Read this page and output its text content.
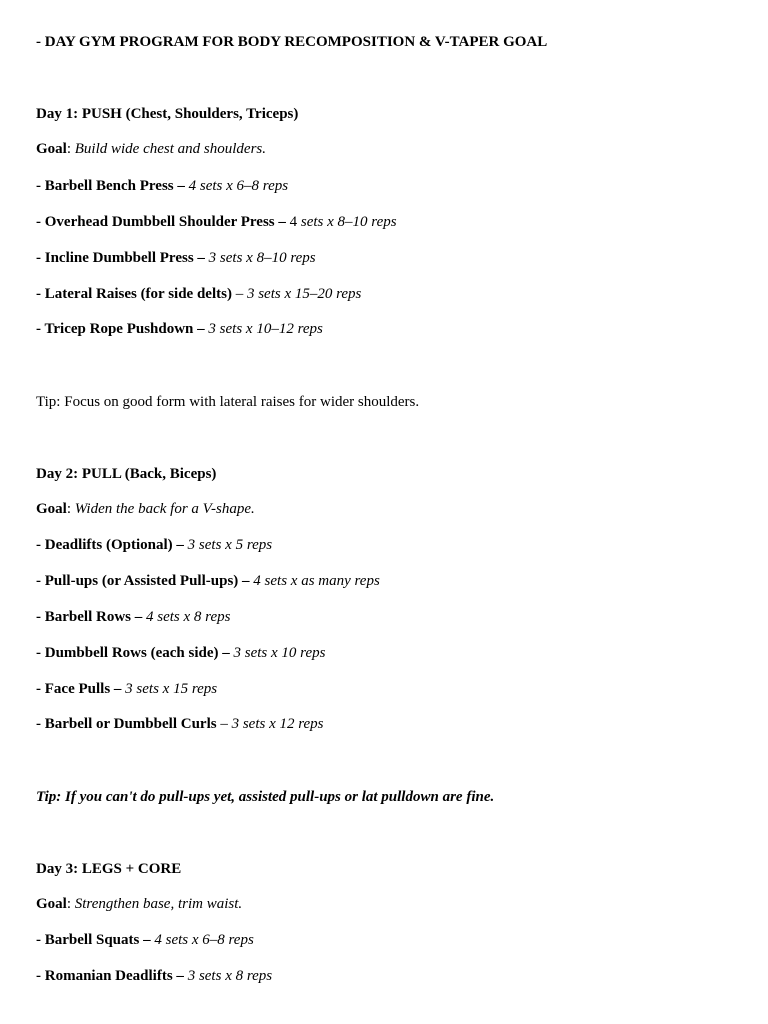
- DAY GYM PROGRAM FOR BODY RECOMPOSITION & V-TAPER GOAL
Day 1: PUSH (Chest, Shoulders, Triceps)
Goal: Build wide chest and shoulders.
- Barbell Bench Press – 4 sets x 6–8 reps
- Overhead Dumbbell Shoulder Press – 4 sets x 8–10 reps
- Incline Dumbbell Press – 3 sets x 8–10 reps
- Lateral Raises (for side delts) – 3 sets x 15–20 reps
- Tricep Rope Pushdown – 3 sets x 10–12 reps
Tip: Focus on good form with lateral raises for wider shoulders.
Day 2: PULL (Back, Biceps)
Goal: Widen the back for a V-shape.
- Deadlifts (Optional) – 3 sets x 5 reps
- Pull-ups (or Assisted Pull-ups) – 4 sets x as many reps
- Barbell Rows – 4 sets x 8 reps
- Dumbbell Rows (each side) – 3 sets x 10 reps
- Face Pulls – 3 sets x 15 reps
- Barbell or Dumbbell Curls – 3 sets x 12 reps
Tip: If you can't do pull-ups yet, assisted pull-ups or lat pulldown are fine.
Day 3: LEGS + CORE
Goal: Strengthen base, trim waist.
- Barbell Squats – 4 sets x 6–8 reps
- Romanian Deadlifts – 3 sets x 8 reps
